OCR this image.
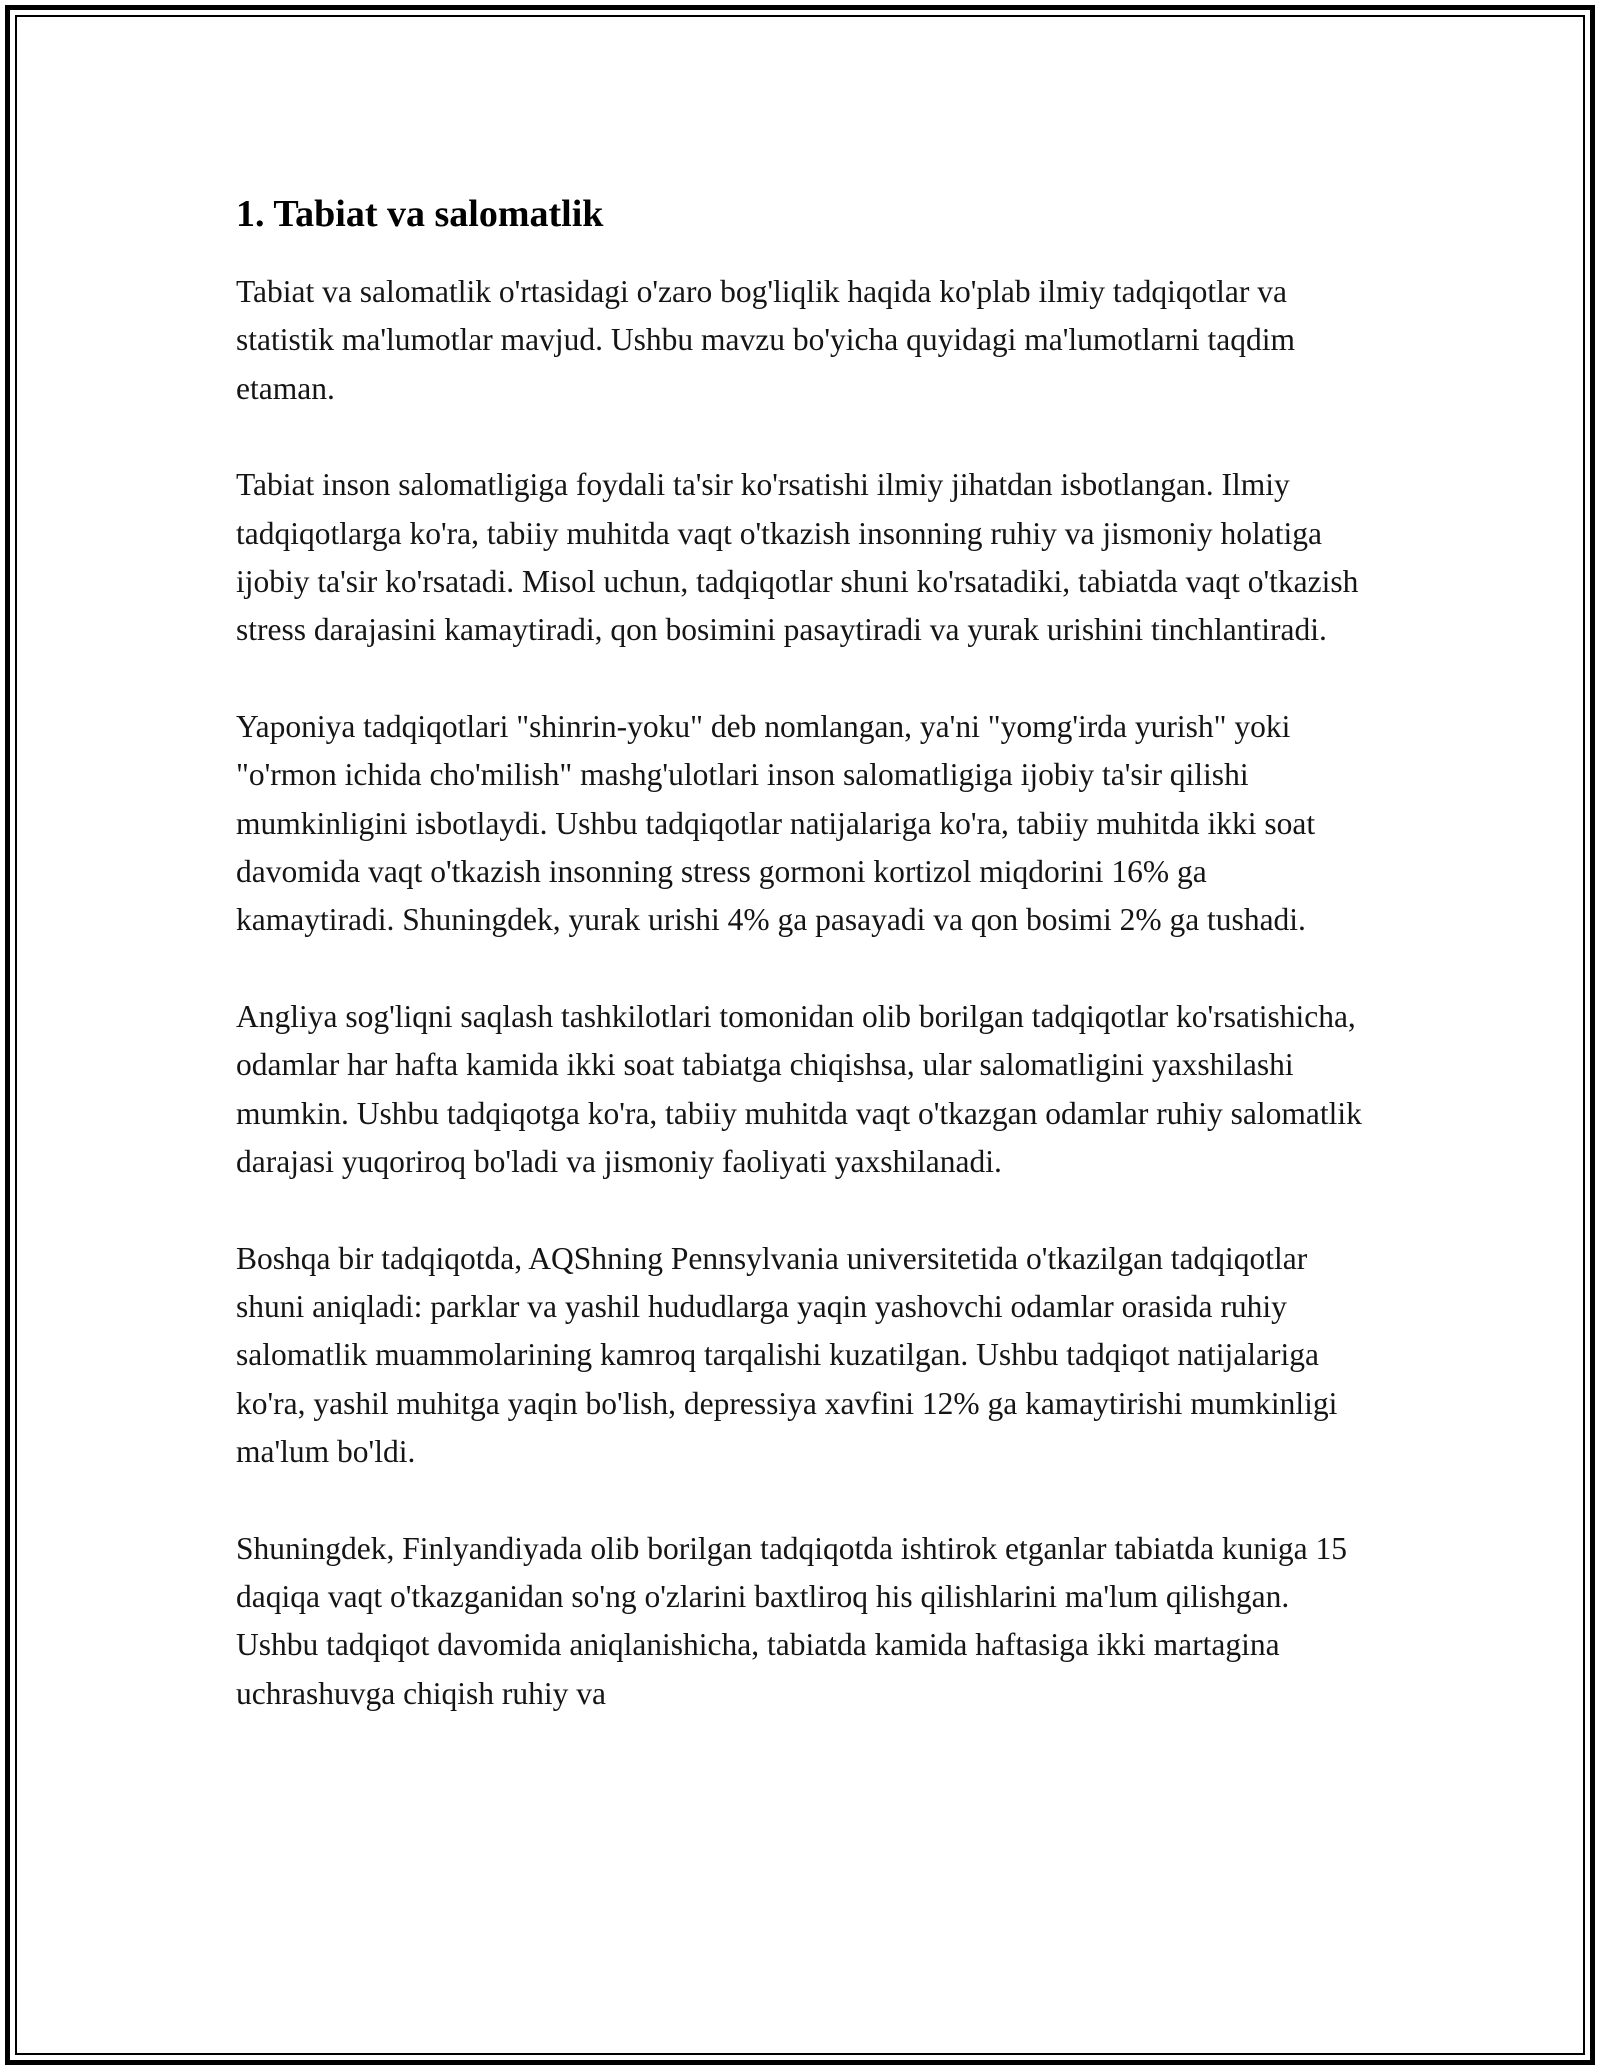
1. Tabiat va salomatlik

Tabiat va salomatlik o'rtasidagi o'zaro bog'liqlik haqida ko'plab ilmiy tadqiqotlar va statistik ma'lumotlar mavjud. Ushbu mavzu bo'yicha quyidagi ma'lumotlarni taqdim etaman.

Tabiat inson salomatligiga foydali ta'sir ko'rsatishi ilmiy jihatdan isbotlangan. Ilmiy tadqiqotlarga ko'ra, tabiiy muhitda vaqt o'tkazish insonning ruhiy va jismoniy holatiga ijobiy ta'sir ko'rsatadi. Misol uchun, tadqiqotlar shuni ko'rsatadiki, tabiatda vaqt o'tkazish stress darajasini kamaytiradi, qon bosimini pasaytiradi va yurak urishini tinchlantiradi.

Yaponiya tadqiqotlari "shinrin-yoku" deb nomlangan, ya'ni "yomg'irda yurish" yoki "o'rmon ichida cho'milish" mashg'ulotlari inson salomatligiga ijobiy ta'sir qilishi mumkinligini isbotlaydi. Ushbu tadqiqotlar natijalariga ko'ra, tabiiy muhitda ikki soat davomida vaqt o'tkazish insonning stress gormoni kortizol miqdorini 16% ga kamaytiradi. Shuningdek, yurak urishi 4% ga pasayadi va qon bosimi 2% ga tushadi.

Angliya sog'liqni saqlash tashkilotlari tomonidan olib borilgan tadqiqotlar ko'rsatishicha, odamlar har hafta kamida ikki soat tabiatga chiqishsa, ular salomatligini yaxshilashi mumkin. Ushbu tadqiqotga ko'ra, tabiiy muhitda vaqt o'tkazgan odamlar ruhiy salomatlik darajasi yuqoriroq bo'ladi va jismoniy faoliyati yaxshilanadi.

Boshqa bir tadqiqotda, AQShning Pennsylvania universitetida o'tkazilgan tadqiqotlar shuni aniqladi: parklar va yashil hududlarga yaqin yashovchi odamlar orasida ruhiy salomatlik muammolarining kamroq tarqalishi kuzatilgan. Ushbu tadqiqot natijalariga ko'ra, yashil muhitga yaqin bo'lish, depressiya xavfini 12% ga kamaytirishi mumkinligi ma'lum bo'ldi.

Shuningdek, Finlyandiyada olib borilgan tadqiqotda ishtirok etganlar tabiatda kuniga 15 daqiqa vaqt o'tkazganidan so'ng o'zlarini baxtliroq his qilishlarini ma'lum qilishgan. Ushbu tadqiqot davomida aniqlanishicha, tabiatda kamida haftasiga ikki martagina uchrashuvga chiqish ruhiy va
